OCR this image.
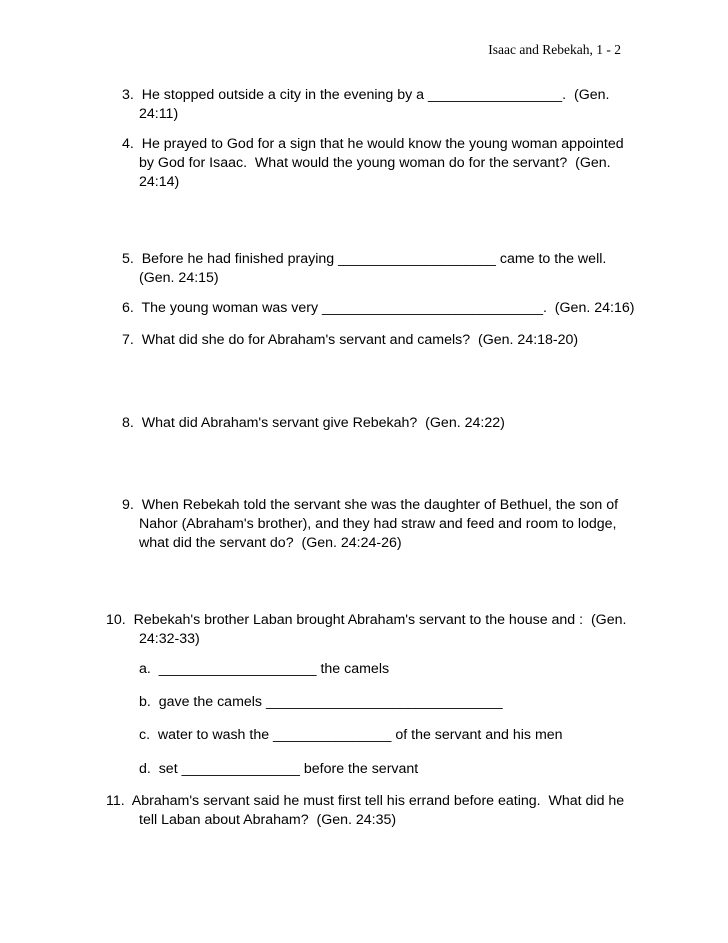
Isaac and Rebekah, 1 - 2
3.  He stopped outside a city in the evening by a _________________.  (Gen.
24:11)
4.  He prayed to God for a sign that he would know the young woman appointed
by God for Isaac.  What would the young woman do for the servant?  (Gen.
24:14)
5.  Before he had finished praying ____________________ came to the well.
(Gen. 24:15)
6.  The young woman was very ____________________________.  (Gen. 24:16)
7.  What did she do for Abraham's servant and camels?  (Gen. 24:18-20)
8.  What did Abraham's servant give Rebekah?  (Gen. 24:22)
9.  When Rebekah told the servant she was the daughter of Bethuel, the son of
Nahor (Abraham's brother), and they had straw and feed and room to lodge,
what did the servant do?  (Gen. 24:24-26)
10.  Rebekah's brother Laban brought Abraham's servant to the house and :  (Gen.
24:32-33)
a.  ____________________ the camels
b.  gave the camels ______________________________
c.  water to wash the _______________ of the servant and his men
d.  set _______________ before the servant
11.  Abraham's servant said he must first tell his errand before eating.  What did he
tell Laban about Abraham?  (Gen. 24:35)
